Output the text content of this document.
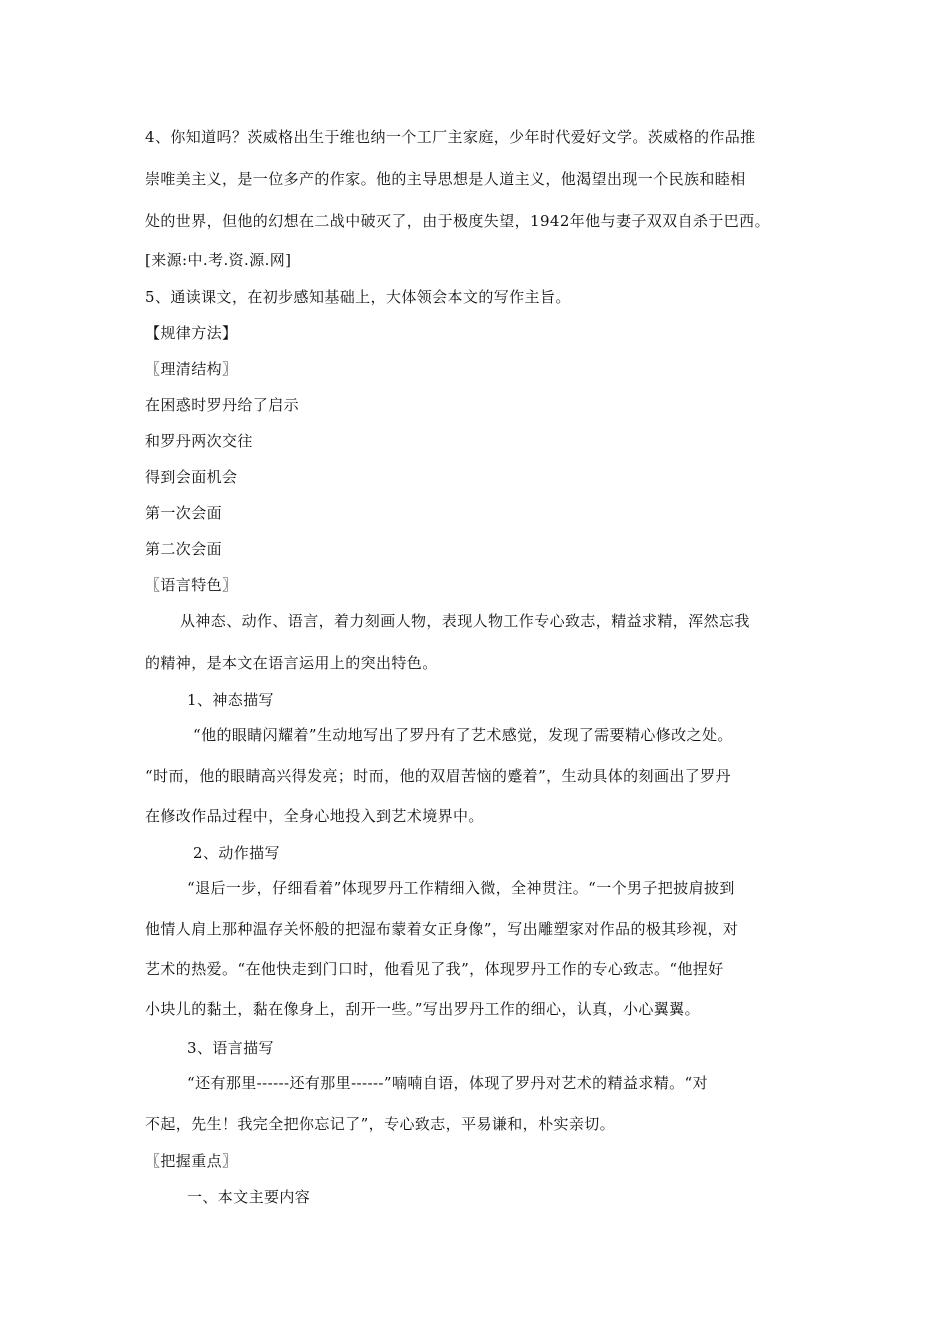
4、你知道吗？茨威格出生于维也纳一个工厂主家庭，少年时代爱好文学。茨威格的作品推

崇唯美主义，是一位多产的作家。他的主导思想是人道主义，他渴望出现一个民族和睦相

处的世界，但他的幻想在二战中破灭了，由于极度失望，1942年他与妻子双双自杀于巴西。

[来源:中.考.资.源.网]

5、通读课文，在初步感知基础上，大体领会本文的写作主旨。

【规律方法】

〖理清结构〗

在困惑时罗丹给了启示

和罗丹两次交往

得到会面机会

第一次会面

第二次会面

〖语言特色〗

从神态、动作、语言，着力刻画人物，表现人物工作专心致志，精益求精，浑然忘我

的精神，是本文在语言运用上的突出特色。

1、神态描写

“他的眼睛闪耀着”生动地写出了罗丹有了艺术感觉，发现了需要精心修改之处。

“时而，他的眼睛高兴得发亮；时而，他的双眉苦恼的蹙着”，生动具体的刻画出了罗丹

在修改作品过程中，全身心地投入到艺术境界中。

2、动作描写

“退后一步，仔细看着”体现罗丹工作精细入微，全神贯注。“一个男子把披肩披到

他情人肩上那种温存关怀般的把湿布蒙着女正身像”，写出雕塑家对作品的极其珍视，对

艺术的热爱。“在他快走到门口时，他看见了我”，体现罗丹工作的专心致志。“他捏好

小块儿的黏土，黏在像身上，刮开一些。”写出罗丹工作的细心，认真，小心翼翼。

3、语言描写

“还有那里------还有那里------”喃喃自语，体现了罗丹对艺术的精益求精。“对

不起，先生！我完全把你忘记了”，专心致志，平易谦和，朴实亲切。

〖把握重点〗

一、本文主要内容
